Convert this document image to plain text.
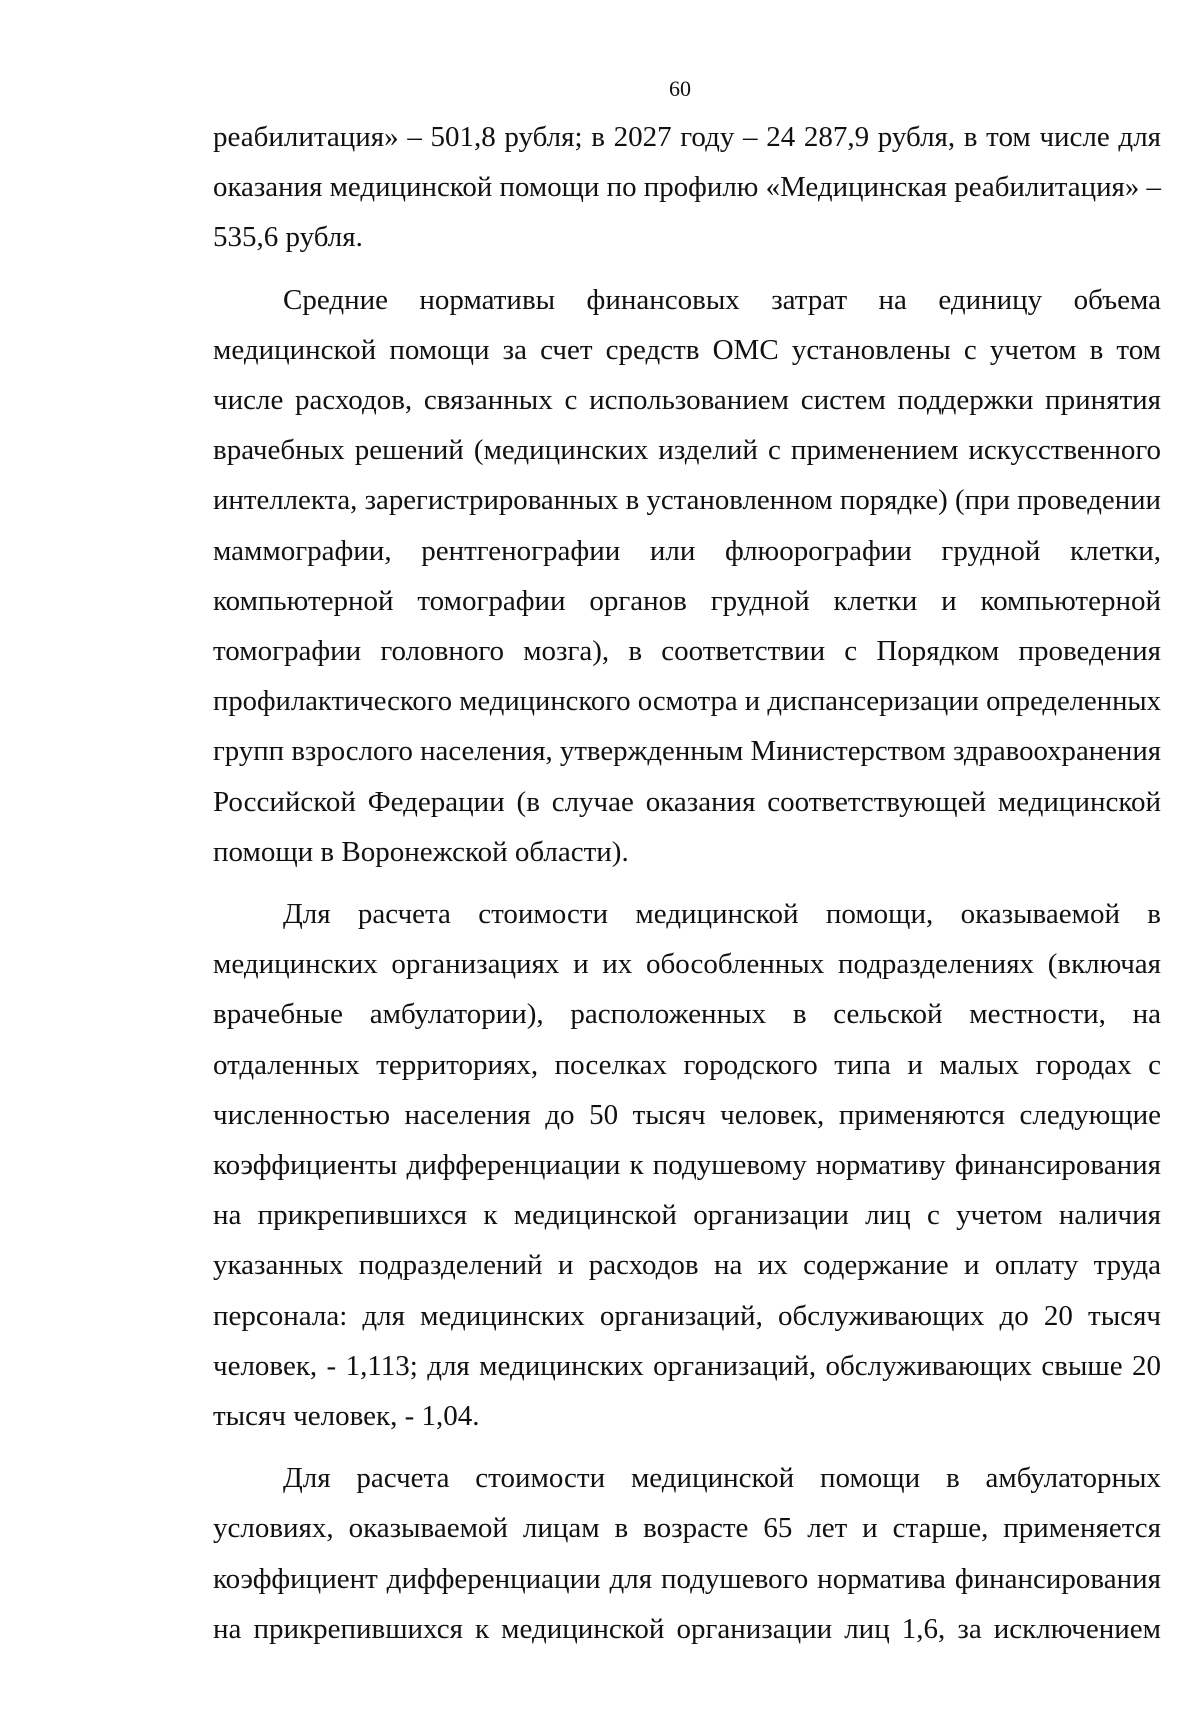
60
реабилитация» – 501,8 рубля; в 2027 году – 24 287,9 рубля, в том числе для
оказания медицинской помощи по профилю «Медицинская реабилитация» –
535,6 рубля.
Средние нормативы финансовых затрат на единицу объема
медицинской помощи за счет средств ОМС установлены с учетом в том
числе расходов, связанных с использованием систем поддержки принятия
врачебных решений (медицинских изделий с применением искусственного
интеллекта, зарегистрированных в установленном порядке) (при проведении
маммографии, рентгенографии или флюорографии грудной клетки,
компьютерной томографии органов грудной клетки и компьютерной
томографии головного мозга), в соответствии с Порядком проведения
профилактического медицинского осмотра и диспансеризации определенных
групп взрослого населения, утвержденным Министерством здравоохранения
Российской Федерации (в случае оказания соответствующей медицинской
помощи в Воронежской области).
Для расчета стоимости медицинской помощи, оказываемой в
медицинских организациях и их обособленных подразделениях (включая
врачебные амбулатории), расположенных в сельской местности, на
отдаленных территориях, поселках городского типа и малых городах с
численностью населения до 50 тысяч человек, применяются следующие
коэффициенты дифференциации к подушевому нормативу финансирования
на прикрепившихся к медицинской организации лиц с учетом наличия
указанных подразделений и расходов на их содержание и оплату труда
персонала: для медицинских организаций, обслуживающих до 20 тысяч
человек, - 1,113; для медицинских организаций, обслуживающих свыше 20
тысяч человек, - 1,04.
Для расчета стоимости медицинской помощи в амбулаторных
условиях, оказываемой лицам в возрасте 65 лет и старше, применяется
коэффициент дифференциации для подушевого норматива финансирования
на прикрепившихся к медицинской организации лиц 1,6, за исключением
